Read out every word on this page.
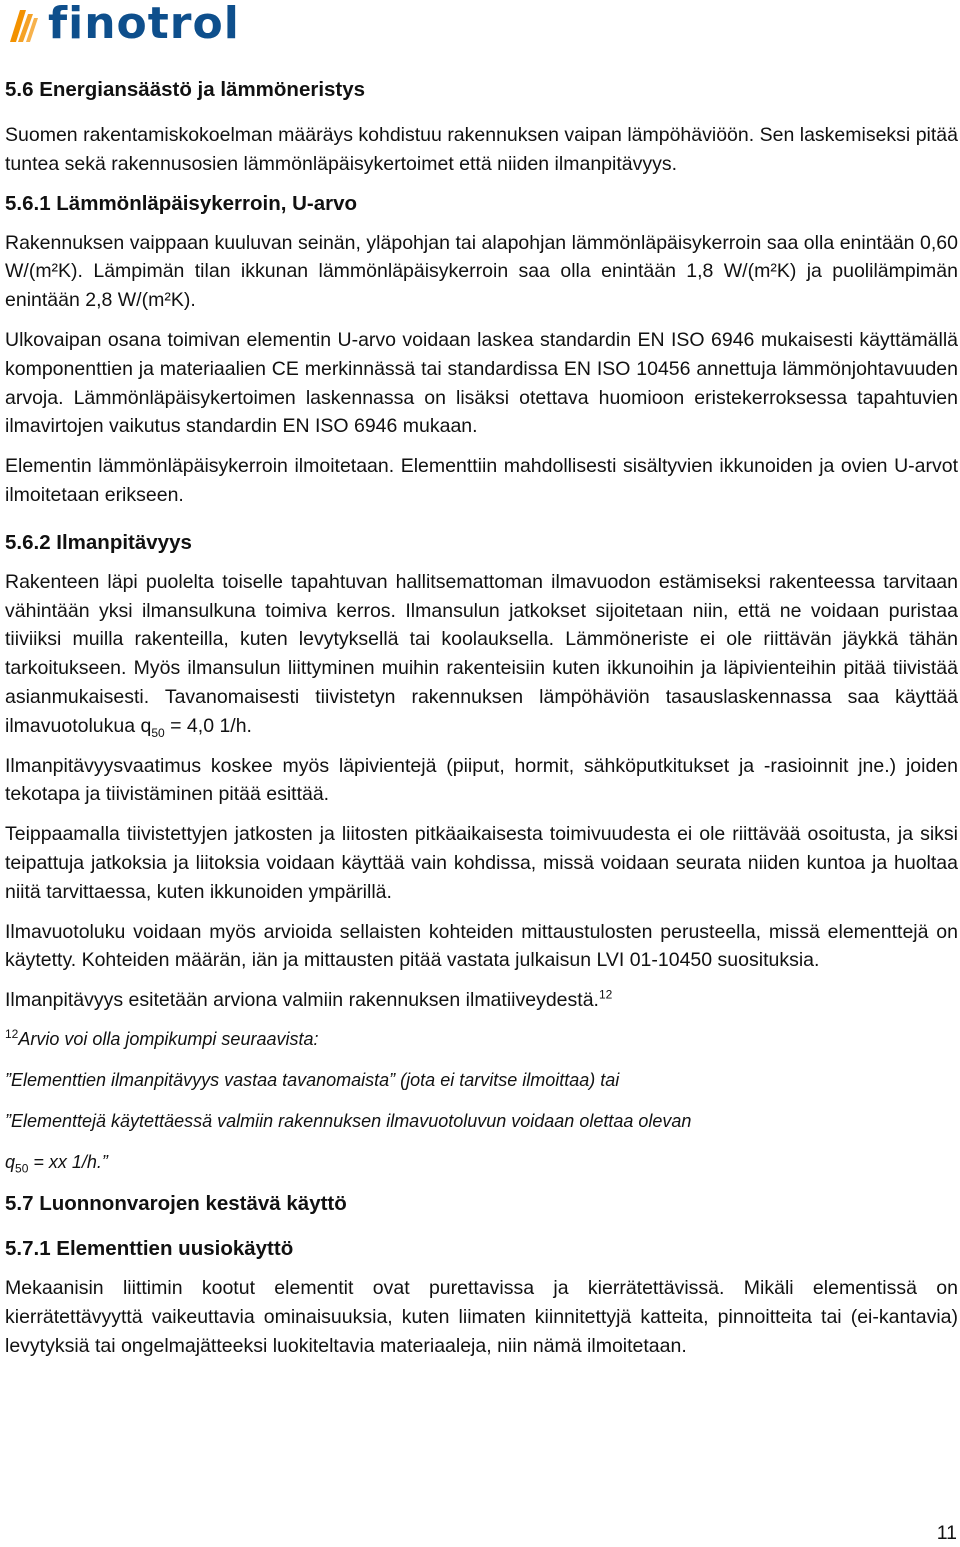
finotrol
5.6 Energiansäästö ja lämmöneristys

Suomen rakentamiskokoelman määräys kohdistuu rakennuksen vaipan lämpöhäviöön. Sen laskemiseksi pitää tuntea sekä rakennusosien lämmönläpäisykertoimet että niiden ilmanpitävyys.

5.6.1 Lämmönläpäisykerroin, U-arvo

Rakennuksen vaippaan kuuluvan seinän, yläpohjan tai alapohjan lämmönläpäisykerroin saa olla enintään 0,60 W/(m²K). Lämpimän tilan ikkunan lämmönläpäisykerroin saa olla enintään 1,8 W/(m²K) ja puolilämpimän enintään 2,8 W/(m²K).

Ulkovaipan osana toimivan elementin U-arvo voidaan laskea standardin EN ISO 6946 mukaisesti käyttämällä komponenttien ja materiaalien CE merkinnässä tai standardissa EN ISO 10456 annettuja lämmönjohtavuuden arvoja. Lämmönläpäisykertoimen laskennassa on lisäksi otettava huomioon eristekerroksessa tapahtuvien ilmavirtojen vaikutus standardin EN ISO 6946 mukaan.

Elementin lämmönläpäisykerroin ilmoitetaan. Elementtiin mahdollisesti sisältyvien ikkunoiden ja ovien U-arvot ilmoitetaan erikseen.

5.6.2 Ilmanpitävyys

Rakenteen läpi puolelta toiselle tapahtuvan hallitsemattoman ilmavuodon estämiseksi rakenteessa tarvitaan vähintään yksi ilmansulkuna toimiva kerros. Ilmansulun jatkokset sijoitetaan niin, että ne voidaan puristaa tiiviiksi muilla rakenteilla, kuten levytyksellä tai koolauksella. Lämmöneriste ei ole riittävän jäykkä tähän tarkoitukseen. Myös ilmansulun liittyminen muihin rakenteisiin kuten ikkunoihin ja läpivienteihin pitää tiivistää asianmukaisesti. Tavanomaisesti tiivistetyn rakennuksen lämpöhäviön tasauslaskennassa saa käyttää ilmavuotolukua $q_{50} = 4,0$ 1/h.

Ilmanpitävyysvaatimus koskee myös läpivientejä (piiput, hormit, sähköputkitukset ja -rasioinnit jne.) joiden tekotapa ja tiivistäminen pitää esittää.

Teippaamalla tiivistettyjen jatkosten ja liitosten pitkäaikaisesta toimivuudesta ei ole riittävää osoitusta, ja siksi teipattuja jatkoksia ja liitoksia voidaan käyttää vain kohdissa, missä voidaan seurata niiden kuntoa ja huoltaa niitä tarvittaessa, kuten ikkunoiden ympärillä.

Ilmavuotoluku voidaan myös arvioida sellaisten kohteiden mittaustulosten perusteella, missä elementtejä on käytetty. Kohteiden määrän, iän ja mittausten pitää vastata julkaisun LVI 01-10450 suosituksia.

Ilmanpitävyys esitetään arviona valmiin rakennuksen ilmatiiveydestä.$^{12}$

$^{12}$Arvio voi olla jompikumpi seuraavista:

”Elementtien ilmanpitävyys vastaa tavanomaista” (jota ei tarvitse ilmoittaa) tai

”Elementtejä käytettäessä valmiin rakennuksen ilmavuotoluvun voidaan olettaa olevan

$q_{50}$ = xx 1/h.”

5.7 Luonnonvarojen kestävä käyttö
5.7.1 Elementtien uusiokäyttö

Mekaanisin liittimin kootut elementit ovat purettavissa ja kierrätettävissä. Mikäli elementissä on kierrätettävyyttä vaikeuttavia ominaisuuksia, kuten liimaten kiinnitettyjä katteita, pinnoitteita tai (ei-kantavia) levytyksiä tai ongelmajätteeksi luokiteltavia materiaaleja, niin nämä ilmoitetaan.

11
